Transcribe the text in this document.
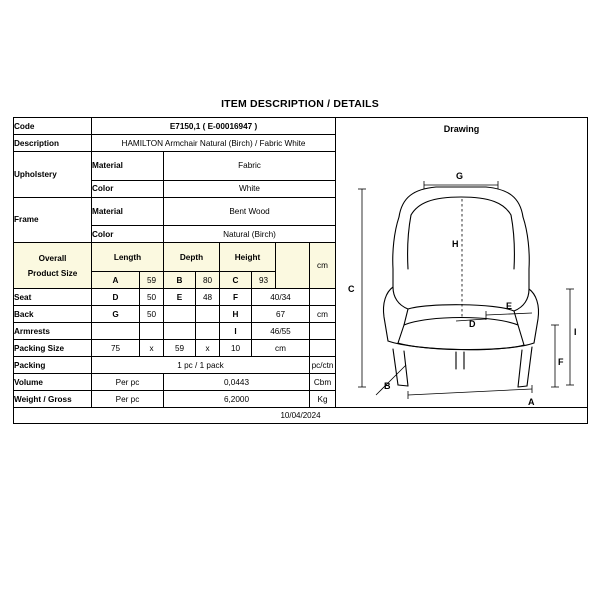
ITEM DESCRIPTION / DETAILS
Code	E7150,1 ( E-00016947 )	Drawing
A
B
C
D
E
F
G
H
I

Description	HAMILTON Armchair Natural (Birch) / Fabric White								
Upholstery	Material		Fabric						
	Color		White						
Frame	Material		Bent Wood						
	Color		Natural (Birch)						

Overall
Product Size	Length		Depth		Height			cm	
	A	59	B	80	C	93			
Seat	D	50	E	48	F	40/34			
Back	G	50			H	67		cm	
Armrests					I	46/55			
Packing Size	75	x	59	x	10	cm			
Packing	1 pc / 1 pack							pc/ctn	
Volume	Per pc		0,0443					Cbm	
Weight / Gross	Per pc		6,2000					Kg	
10/04/2024									
